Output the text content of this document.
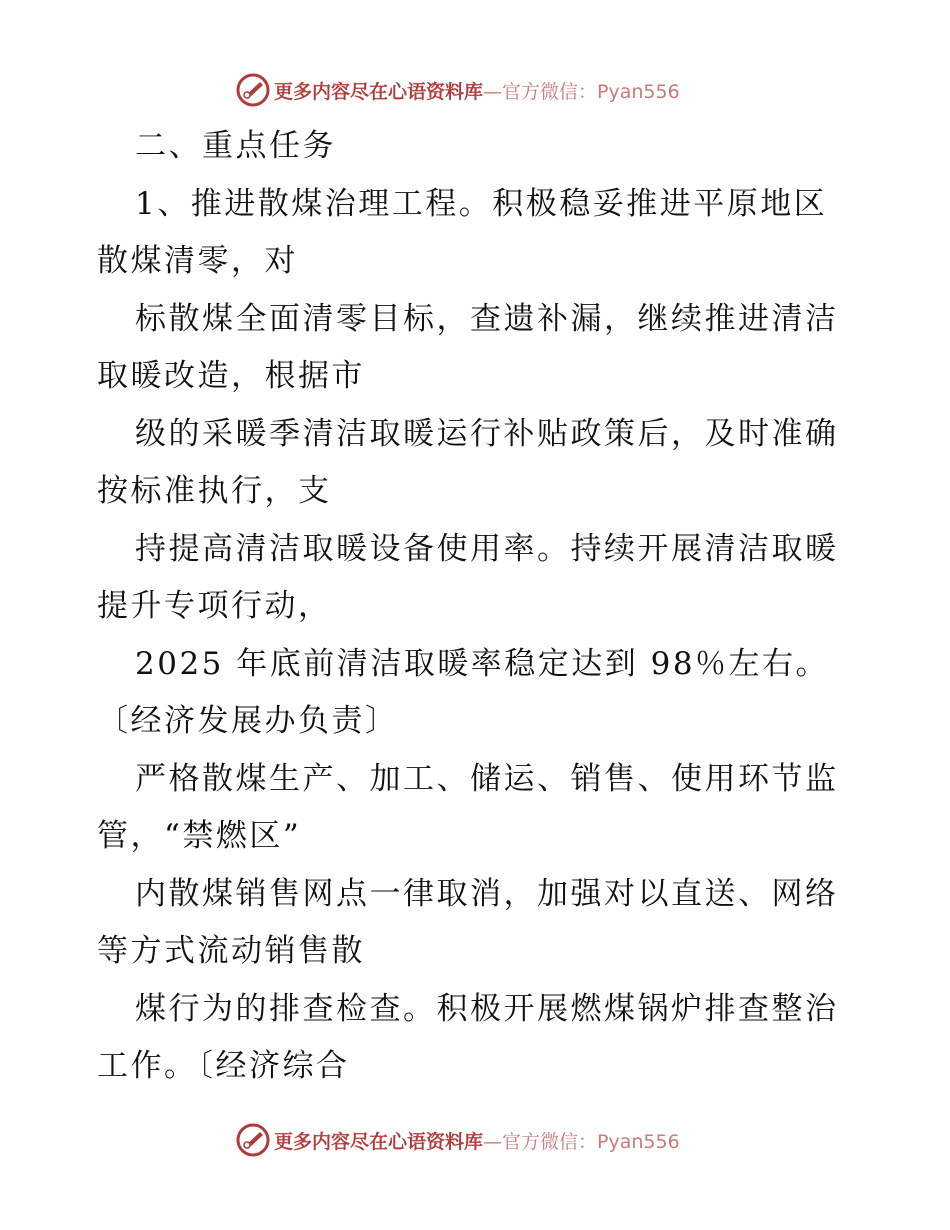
更多内容尽在心语资料库 —官方微信：Pyan556
二、重点任务
1、推进散煤治理工程。积极稳妥推进平原地区
散煤清零，对
标散煤全面清零目标，查遗补漏，继续推进清洁
取暖改造，根据市
级的采暖季清洁取暖运行补贴政策后，及时准确
按标准执行，支
持提高清洁取暖设备使用率。持续开展清洁取暖
提升专项行动，
2025 年底前清洁取暖率稳定达到 98％左右。
〔经济发展办负责〕
严格散煤生产、加工、储运、销售、使用环节监
管，“禁燃区”
内散煤销售网点一律取消，加强对以直送、网络
等方式流动销售散
煤行为的排查检查。积极开展燃煤锅炉排查整治
工作。〔经济综合
更多内容尽在心语资料库 —官方微信：Pyan556
